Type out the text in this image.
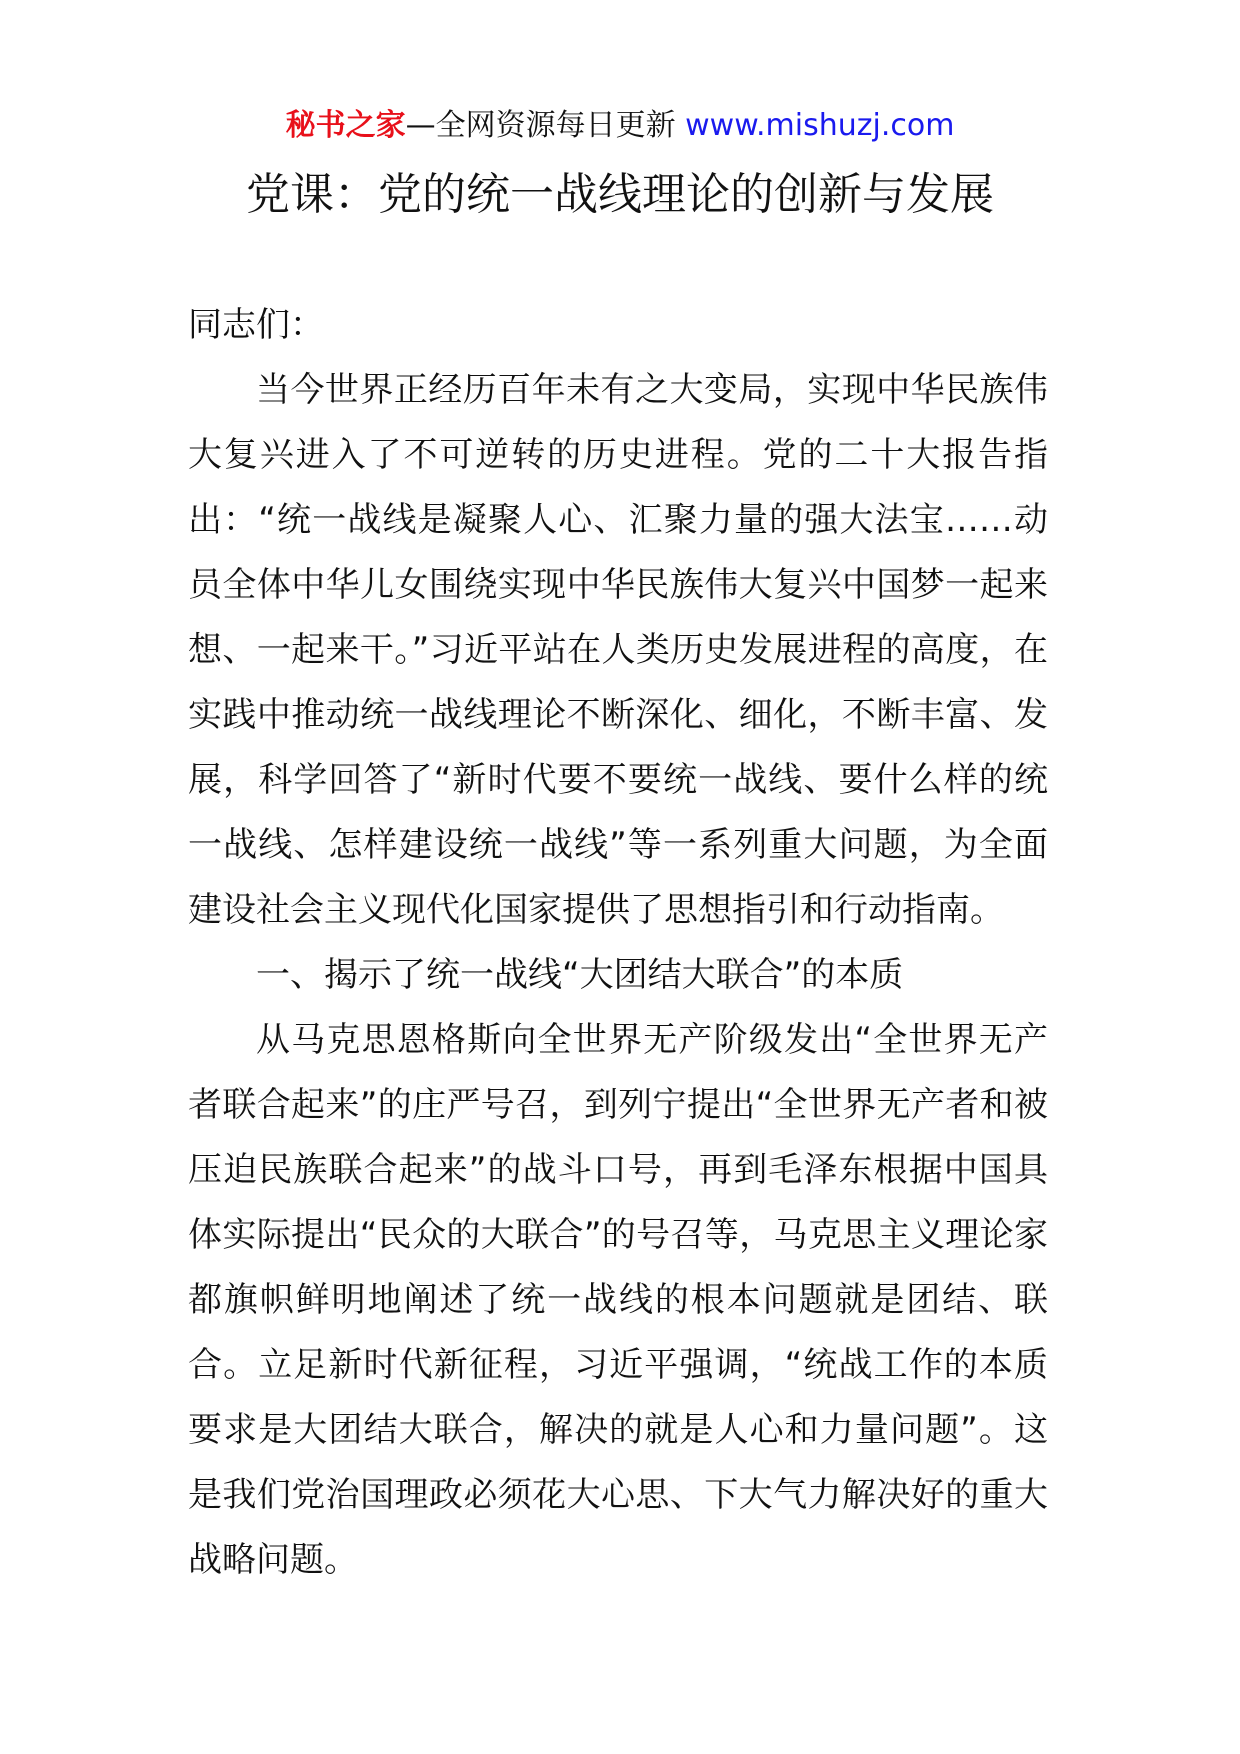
秘书之家—全网资源每日更新 www.mishuzj.com
党课：党的统一战线理论的创新与发展

同志们：

当今世界正经历百年未有之大变局，实现中华民族伟大复兴进入了不可逆转的历史进程。党的二十大报告指出：“统一战线是凝聚人心、汇聚力量的强大法宝……动员全体中华儿女围绕实现中华民族伟大复兴中国梦一起来想、一起来干。”习近平站在人类历史发展进程的高度，在实践中推动统一战线理论不断深化、细化，不断丰富、发展，科学回答了“新时代要不要统一战线、要什么样的统一战线、怎样建设统一战线”等一系列重大问题，为全面建设社会主义现代化国家提供了思想指引和行动指南。

一、揭示了统一战线“大团结大联合”的本质

从马克思恩格斯向全世界无产阶级发出“全世界无产者联合起来”的庄严号召，到列宁提出“全世界无产者和被压迫民族联合起来”的战斗口号，再到毛泽东根据中国具体实际提出“民众的大联合”的号召等，马克思主义理论家都旗帜鲜明地阐述了统一战线的根本问题就是团结、联合。立足新时代新征程，习近平强调，“统战工作的本质要求是大团结大联合，解决的就是人心和力量问题”。这是我们党治国理政必须花大心思、下大气力解决好的重大战略问题。
